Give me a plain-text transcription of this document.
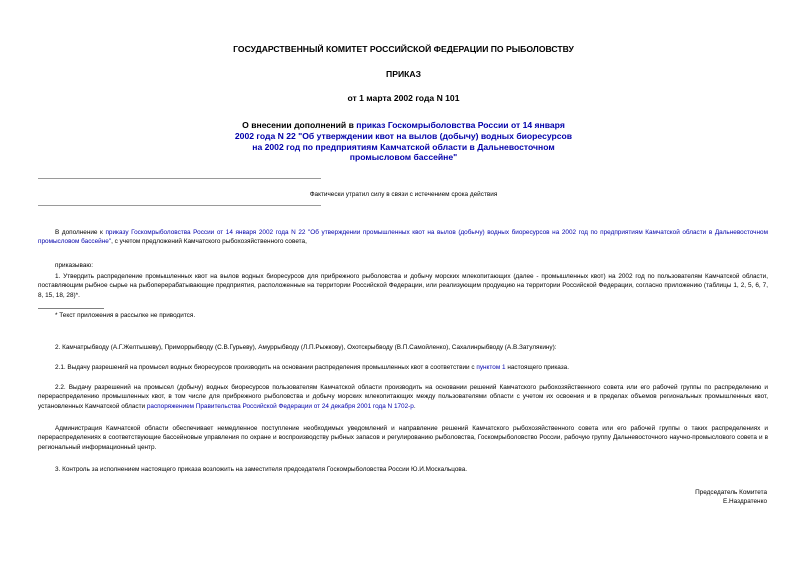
ГОСУДАРСТВЕННЫЙ КОМИТЕТ РОССИЙСКОЙ ФЕДЕРАЦИИ ПО РЫБОЛОВСТВУ
ПРИКАЗ
от 1 марта 2002 года N 101
О внесении дополнений в приказ Госкомрыболовства России от 14 января 2002 года N 22 "Об утверждении квот на вылов (добычу) водных биоресурсов на 2002 год по предприятиям Камчатской области в Дальневосточном промысловом бассейне"
Фактически утратил силу в связи с истечением срока действия
В дополнение к приказу Госкомрыболовства России от 14 января 2002 года N 22 "Об утверждении промышленных квот на вылов (добычу) водных биоресурсов на 2002 год по предприятиям Камчатской области в Дальневосточном промысловом бассейне", с учетом предложений Камчатского рыбохозяйственного совета,
приказываю:
1. Утвердить распределение промышленных квот на вылов водных биоресурсов для прибрежного рыболовства и добычу морских млекопитающих (далее - промышленных квот) на 2002 год по пользователям Камчатской области, поставляющим рыбное сырье на рыбоперерабатывающие предприятия, расположенные на территории Российской Федерации, или реализующим продукцию на территории Российской Федерации, согласно приложению (таблицы 1, 2, 5, 6, 7, 8, 15, 18, 28)*.
* Текст приложения в рассылке не приводится.
2. Камчатрыбводу (А.Г.Желтышеву), Приморрыбводу (С.В.Гурьеву), Амуррыбводу (Л.П.Рыжкову), Охотскрыбводу (В.П.Самойленко), Сахалинрыбводу (А.В.Затулякину):
2.1. Выдачу разрешений на промысел водных биоресурсов производить на основании распределения промышленных квот в соответствии с пунктом 1 настоящего приказа.
2.2. Выдачу разрешений на промысел (добычу) водных биоресурсов пользователям Камчатской области производить на основании решений Камчатского рыбохозяйственного совета или его рабочей группы по распределению и перераспределению промышленных квот, в том числе для прибрежного рыболовства и добычу морских млекопитающих между пользователями области с учетом их освоения и в пределах объемов региональных промышленных квот, установленных Камчатской области распоряжением Правительства Российской Федерации от 24 декабря 2001 года N 1702-р.
Администрация Камчатской области обеспечивает немедленное поступление необходимых уведомлений и направление решений Камчатского рыбохозяйственного совета или его рабочей группы о таких распределениях и перераспределениях в соответствующие бассейновые управления по охране и воспроизводству рыбных запасов и регулированию рыболовства, Госкомрыболовство России, рабочую группу Дальневосточного научно-промыслового совета и в региональный информационный центр.
3. Контроль за исполнением настоящего приказа возложить на заместителя председателя Госкомрыболовства России Ю.И.Москальцова.
Председатель Комитета
Е.Наздратенко
